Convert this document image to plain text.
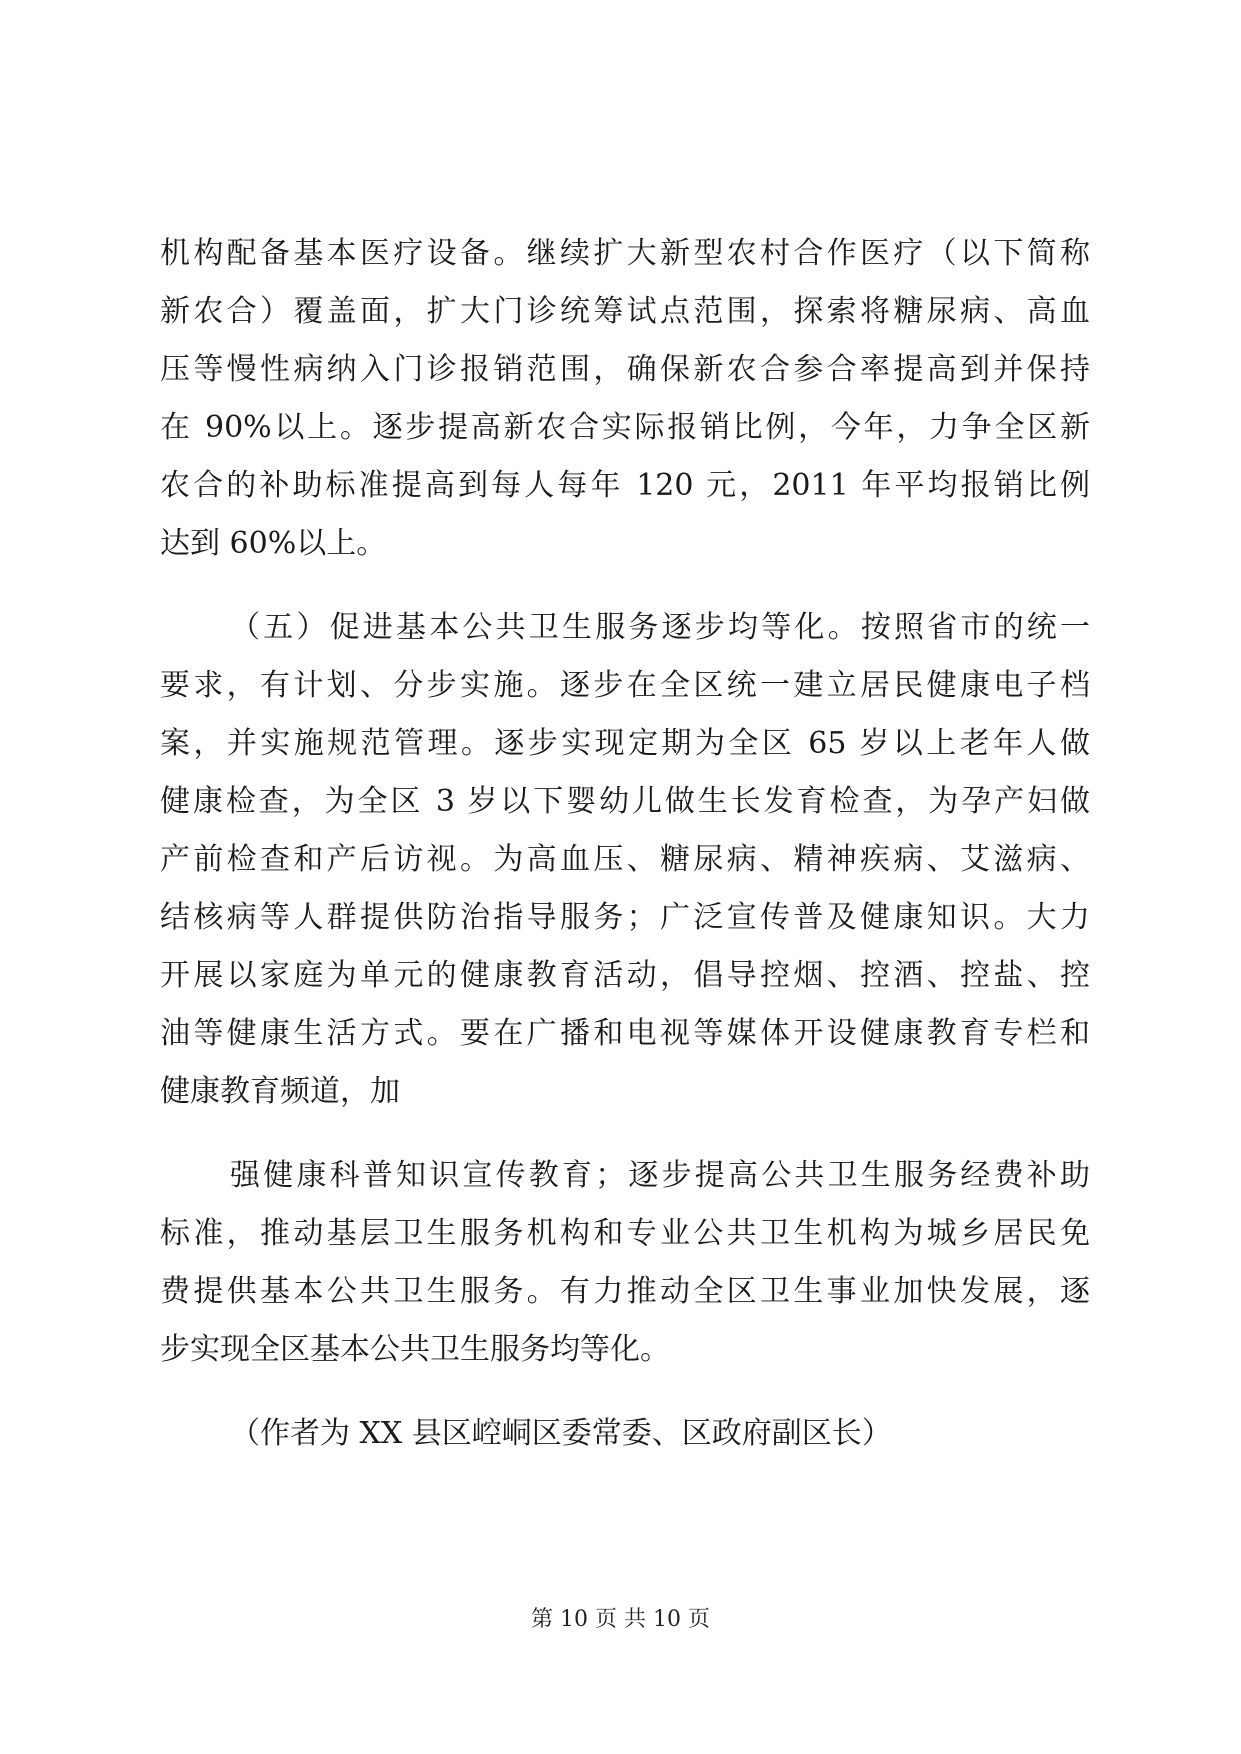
机构配备基本医疗设备。继续扩大新型农村合作医疗（以下简称
新农合）覆盖面，扩大门诊统筹试点范围，探索将糖尿病、高血
压等慢性病纳入门诊报销范围，确保新农合参合率提高到并保持
在 90%以上。逐步提高新农合实际报销比例，今年，力争全区新
农合的补助标准提高到每人每年 120 元，2011 年平均报销比例
达到 60%以上。
（五）促进基本公共卫生服务逐步均等化。按照省市的统一
要求，有计划、分步实施。逐步在全区统一建立居民健康电子档
案，并实施规范管理。逐步实现定期为全区 65 岁以上老年人做
健康检查，为全区 3 岁以下婴幼儿做生长发育检查，为孕产妇做
产前检查和产后访视。为高血压、糖尿病、精神疾病、艾滋病、
结核病等人群提供防治指导服务；广泛宣传普及健康知识。大力
开展以家庭为单元的健康教育活动，倡导控烟、控酒、控盐、控
油等健康生活方式。要在广播和电视等媒体开设健康教育专栏和
健康教育频道，加
强健康科普知识宣传教育；逐步提高公共卫生服务经费补助
标准，推动基层卫生服务机构和专业公共卫生机构为城乡居民免
费提供基本公共卫生服务。有力推动全区卫生事业加快发展，逐
步实现全区基本公共卫生服务均等化。
（作者为 XX 县区崆峒区委常委、区政府副区长）
第 10 页 共 10 页
